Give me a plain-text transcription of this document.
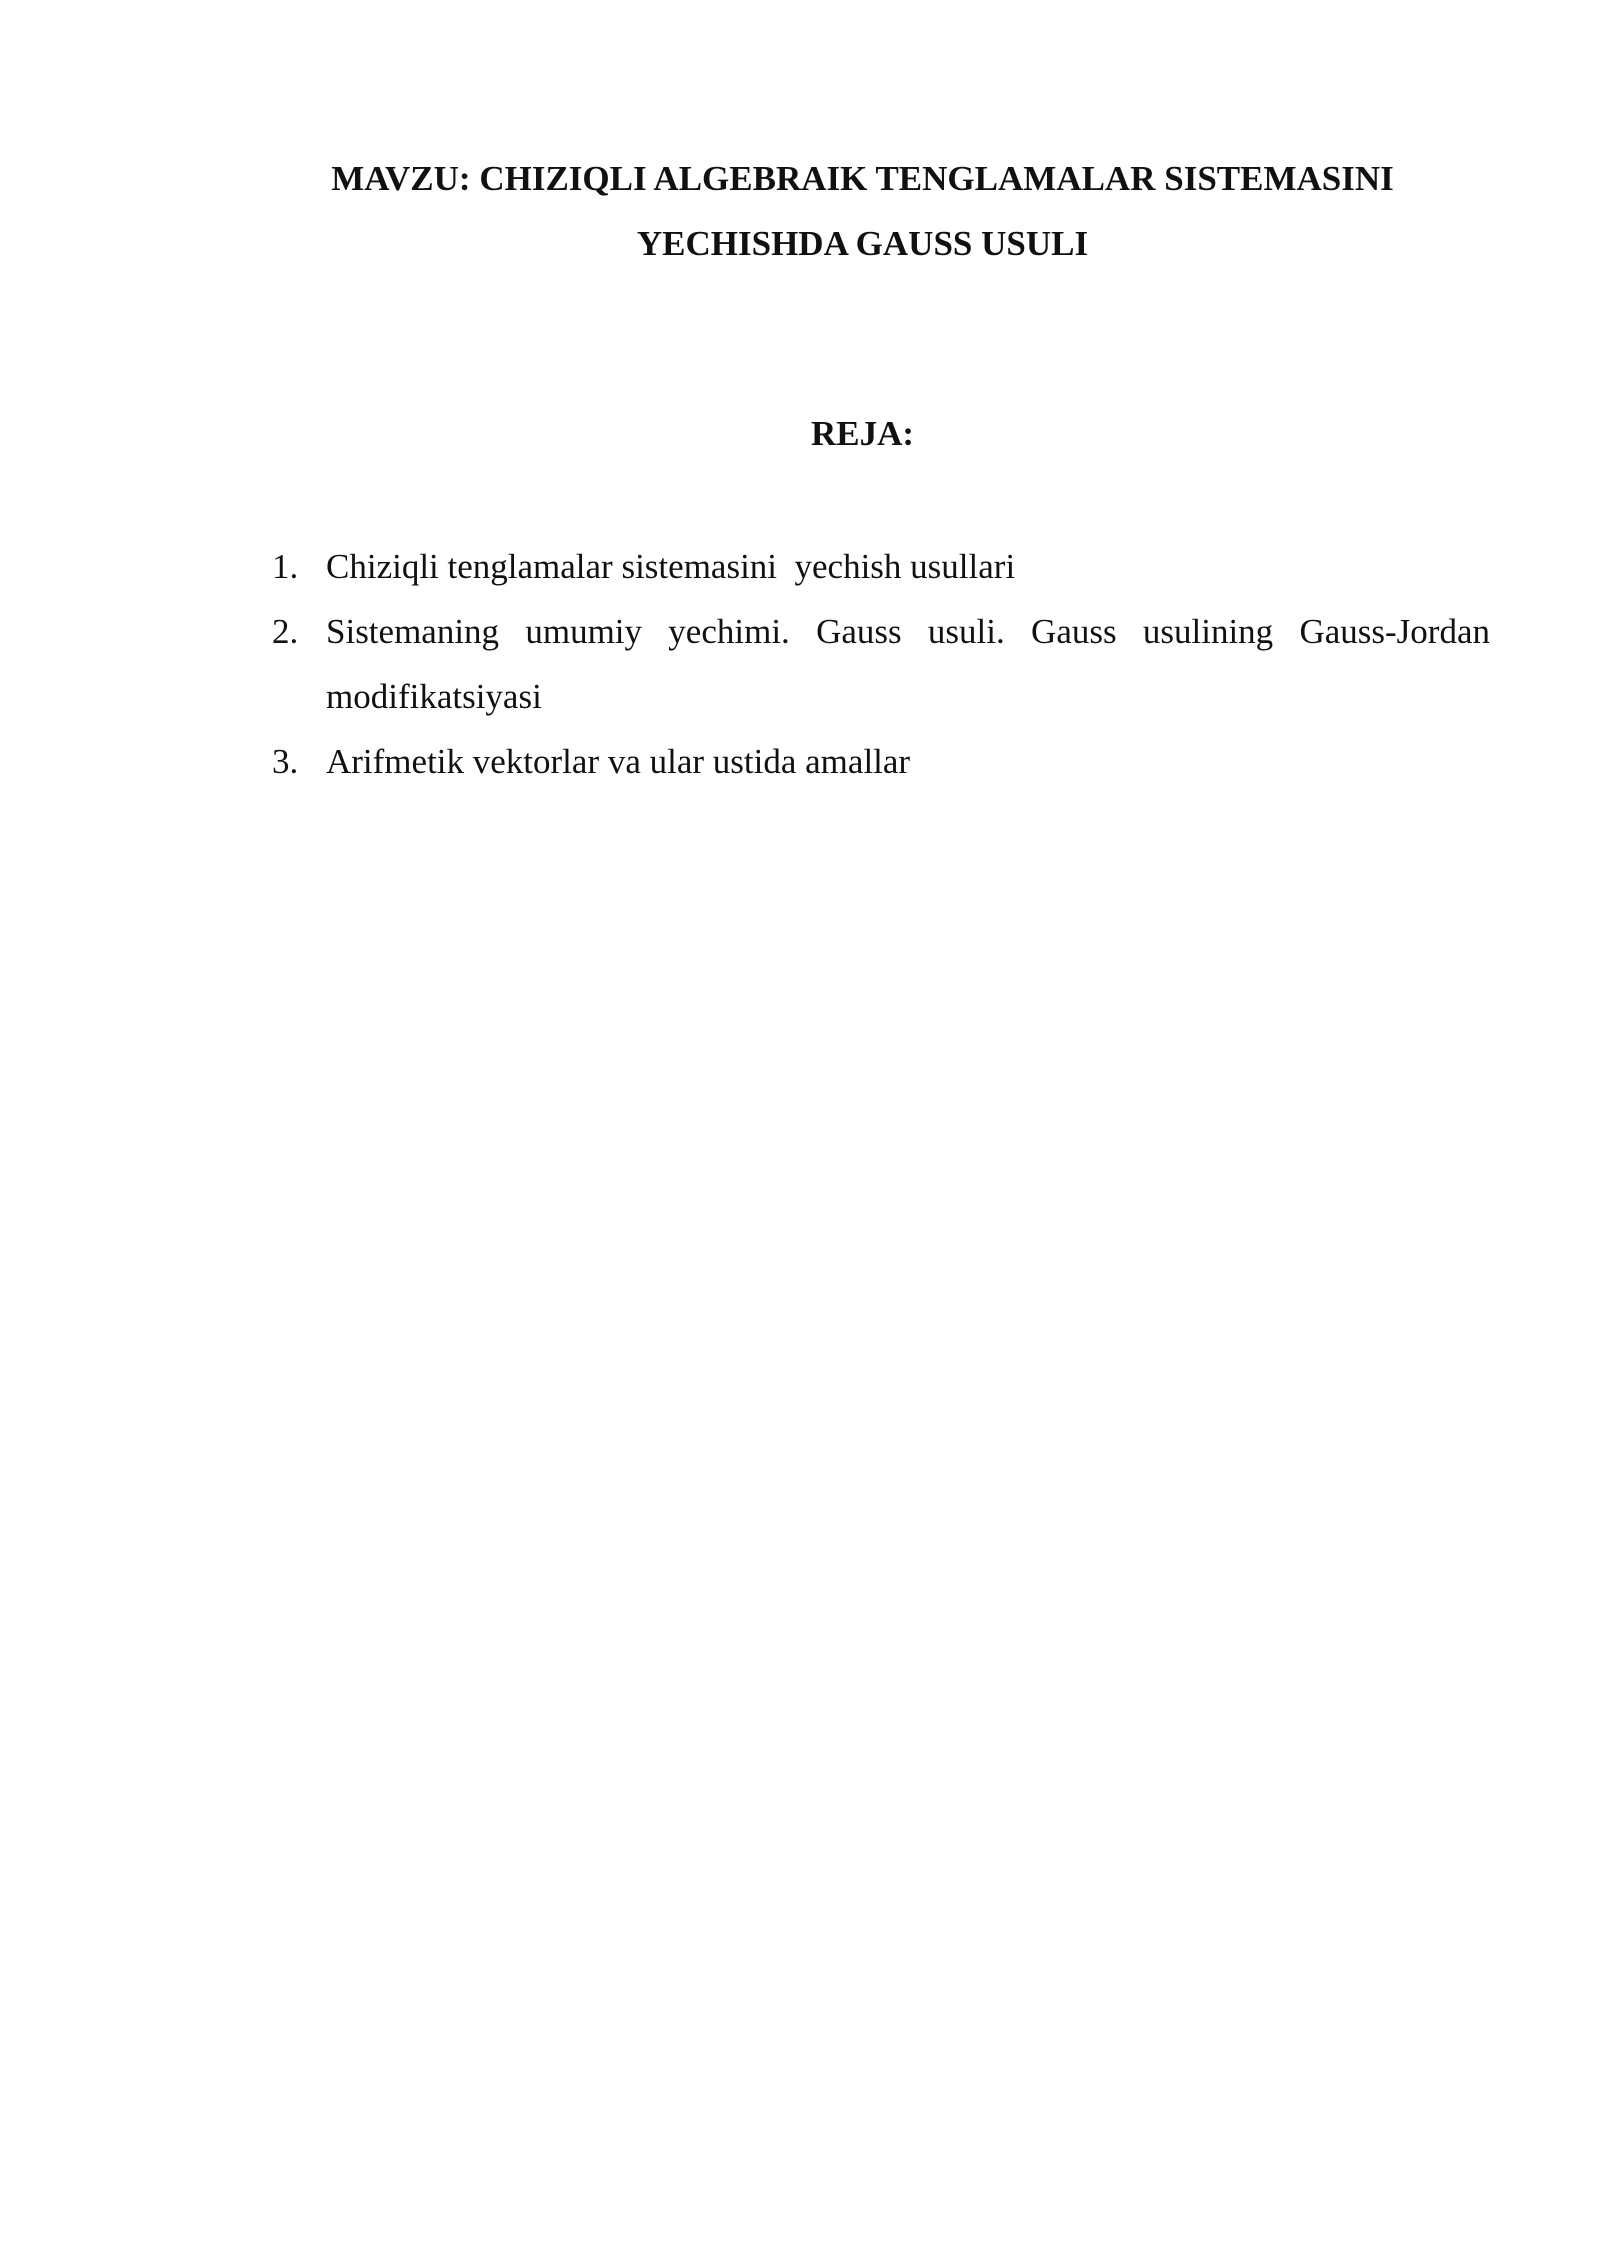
MAVZU: CHIZIQLI ALGEBRAIK TENGLAMALAR SISTEMASINI
YECHISHDA GAUSS USULI
REJA:
1. Chiziqli tenglamalar sistemasini  yechish usullari
2. Sistemaning umumiy yechimi. Gauss usuli. Gauss usulining Gauss-Jordan modifikatsiyasi
3. Arifmetik vektorlar va ular ustida amallar
